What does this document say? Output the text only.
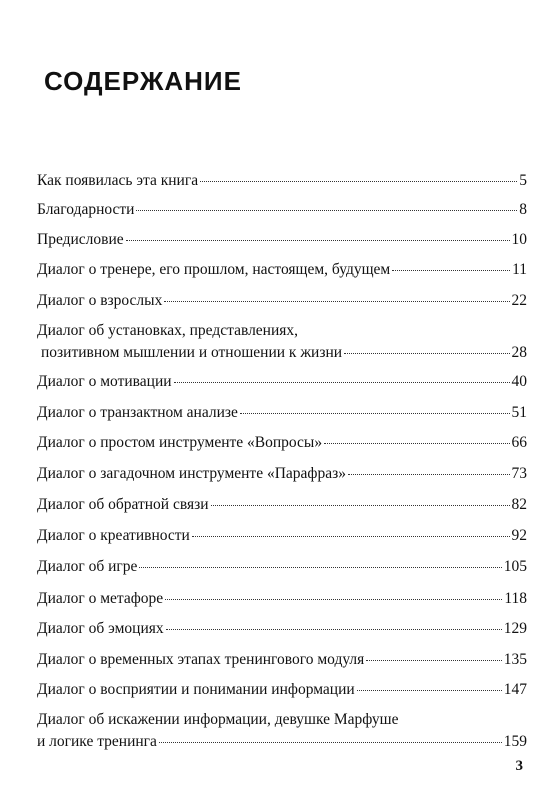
СОДЕРЖАНИЕ
Как появилась эта книга	5
Благодарности	8
Предисловие	10
Диалог о тренере, его прошлом, настоящем, будущем	11
Диалог о взрослых	22
Диалог об установках, представлениях,
позитивном мышлении и отношении к жизни	28
Диалог о мотивации	40
Диалог о транзактном анализе	51
Диалог о простом инструменте «Вопросы»	66
Диалог о загадочном инструменте «Парафраз»	73
Диалог об обратной связи	82
Диалог о креативности	92
Диалог об игре	105
Диалог о метафоре	118
Диалог об эмоциях	129
Диалог о временных этапах тренингового модуля	135
Диалог о восприятии и понимании информации	147
Диалог об искажении информации, девушке Марфуше
и логике тренинга	159
3
